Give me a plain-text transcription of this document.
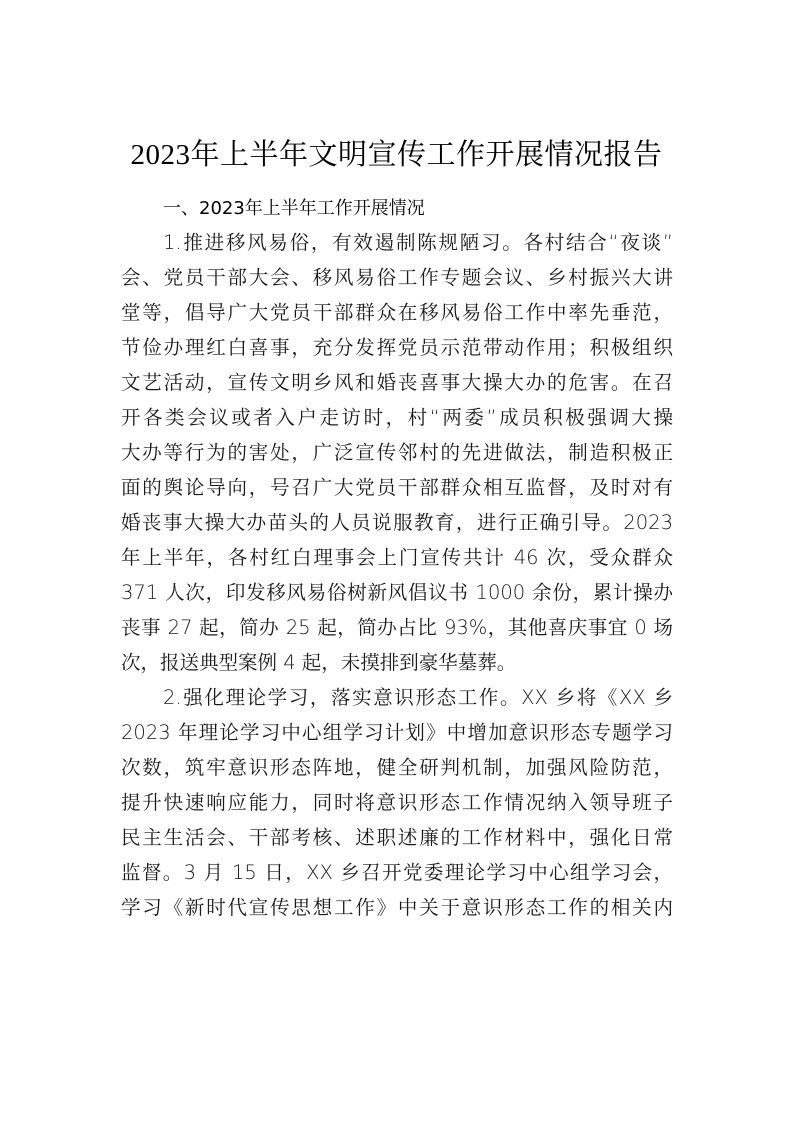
2023年上半年文明宣传工作开展情况报告
一、2023年上半年工作开展情况
1.推进移风易俗，有效遏制陈规陋习。各村结合“夜谈”
会、党员干部大会、移风易俗工作专题会议、乡村振兴大讲
堂等，倡导广大党员干部群众在移风易俗工作中率先垂范，
节俭办理红白喜事，充分发挥党员示范带动作用；积极组织
文艺活动，宣传文明乡风和婚丧喜事大操大办的危害。在召
开各类会议或者入户走访时，村“两委”成员积极强调大操
大办等行为的害处，广泛宣传邻村的先进做法，制造积极正
面的舆论导向，号召广大党员干部群众相互监督，及时对有
婚丧事大操大办苗头的人员说服教育，进行正确引导。2023
年上半年，各村红白理事会上门宣传共计 46 次，受众群众
371 人次，印发移风易俗树新风倡议书 1000 余份，累计操办
丧事 27 起，简办 25 起，简办占比 93%，其他喜庆事宜 0 场
次，报送典型案例 4 起，未摸排到豪华墓葬。
2.强化理论学习，落实意识形态工作。XX 乡将《XX 乡
2023 年理论学习中心组学习计划》中增加意识形态专题学习
次数，筑牢意识形态阵地，健全研判机制，加强风险防范，
提升快速响应能力，同时将意识形态工作情况纳入领导班子
民主生活会、干部考核、述职述廉的工作材料中，强化日常
监督。3 月 15 日，XX 乡召开党委理论学习中心组学习会，
学习《新时代宣传思想工作》中关于意识形态工作的相关内
